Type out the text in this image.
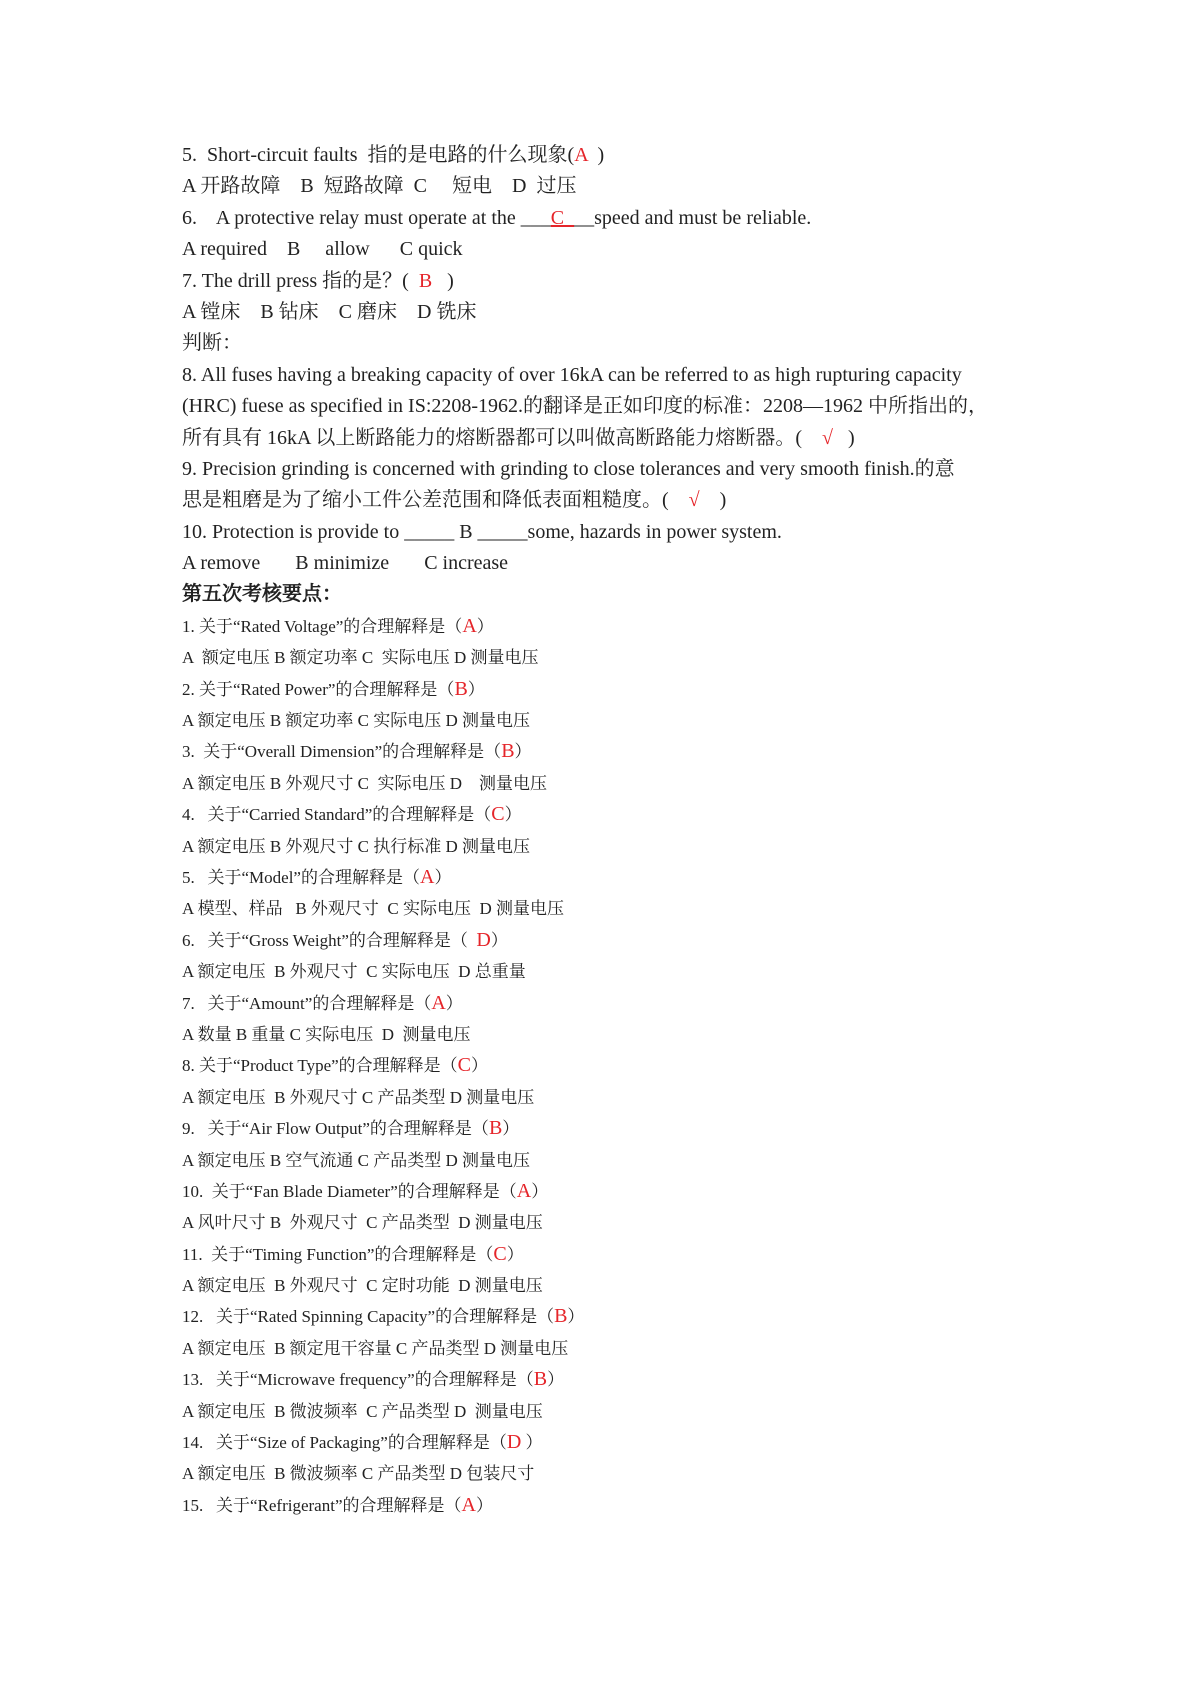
5.  Short-circuit faults  指的是电路的什么现象(A  )
A 开路故障    B  短路故障  C     短电    D  过压
6.    A protective relay must operate at the ___C___speed and must be reliable.
A required    B     allow      C quick
7. The drill press 指的是？(  B   )
A 镗床    B 钻床    C 磨床    D 铣床
判断：
8. All fuses having a breaking capacity of over 16kA can be referred to as high rupturing capacity
(HRC) fuese as specified in IS:2208-1962.的翻译是正如印度的标准：2208—1962 中所指出的，
所有具有 16kA 以上断路能力的熔断器都可以叫做高断路能力熔断器。(    √   )
9. Precision grinding is concerned with grinding to close tolerances and very smooth finish.的意
思是粗磨是为了缩小工件公差范围和降低表面粗糙度。(    √    )
10. Protection is provide to _____ B _____some, hazards in power system.
A remove       B minimize       C increase
第五次考核要点：
1. 关于“Rated Voltage”的合理解释是（A）
A  额定电压 B 额定功率 C  实际电压 D 测量电压
2. 关于“Rated Power”的合理解释是（B）
A 额定电压 B 额定功率 C 实际电压 D 测量电压
3.  关于“Overall Dimension”的合理解释是（B）
A 额定电压 B 外观尺寸 C  实际电压 D    测量电压
4.   关于“Carried Standard”的合理解释是（C）
A 额定电压 B 外观尺寸 C 执行标准 D 测量电压
5.   关于“Model”的合理解释是（A）
A 模型、样品   B 外观尺寸  C 实际电压  D 测量电压
6.   关于“Gross Weight”的合理解释是（  D）
A 额定电压  B 外观尺寸  C 实际电压  D 总重量
7.   关于“Amount”的合理解释是（A）
A 数量 B 重量 C 实际电压  D  测量电压
8. 关于“Product Type”的合理解释是（C）
A 额定电压  B 外观尺寸 C 产品类型 D 测量电压
9.   关于“Air Flow Output”的合理解释是（B）
A 额定电压 B 空气流通 C 产品类型 D 测量电压
10.  关于“Fan Blade Diameter”的合理解释是（A）
A 风叶尺寸 B  外观尺寸  C 产品类型  D 测量电压
11.  关于“Timing Function”的合理解释是（C）
A 额定电压  B 外观尺寸  C 定时功能  D 测量电压
12.   关于“Rated Spinning Capacity”的合理解释是（B）
A 额定电压  B 额定甩干容量 C 产品类型 D 测量电压
13.   关于“Microwave frequency”的合理解释是（B）
A 额定电压  B 微波频率  C 产品类型 D  测量电压
14.   关于“Size of Packaging”的合理解释是（D ）
A 额定电压  B 微波频率 C 产品类型 D 包装尺寸
15.   关于“Refrigerant”的合理解释是（A）
